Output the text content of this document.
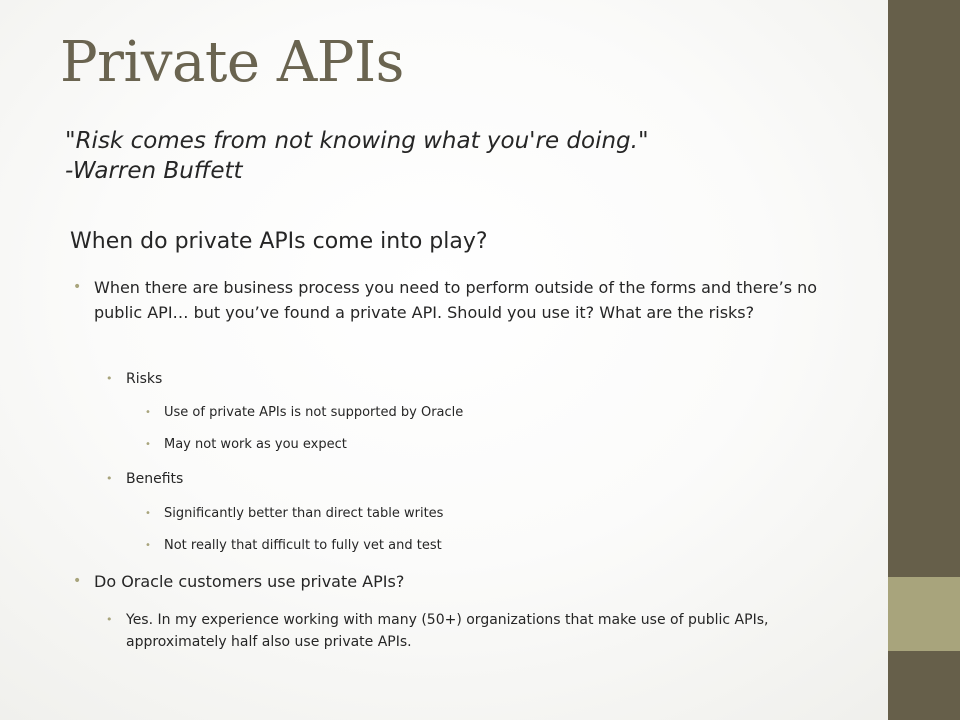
Private APIs
"Risk comes from not knowing what you're doing."
-Warren Buffett
When do private APIs come into play?
• When there are business process you need to perform outside of the forms and there’s no public API… but you’ve found a private API. Should you use it? What are the risks?
• Risks
• Use of private APIs is not supported by Oracle
• May not work as you expect
• Benefits
• Significantly better than direct table writes
• Not really that difficult to fully vet and test
• Do Oracle customers use private APIs?
• Yes. In my experience working with many (50+) organizations that make use of public APIs, approximately half also use private APIs.
